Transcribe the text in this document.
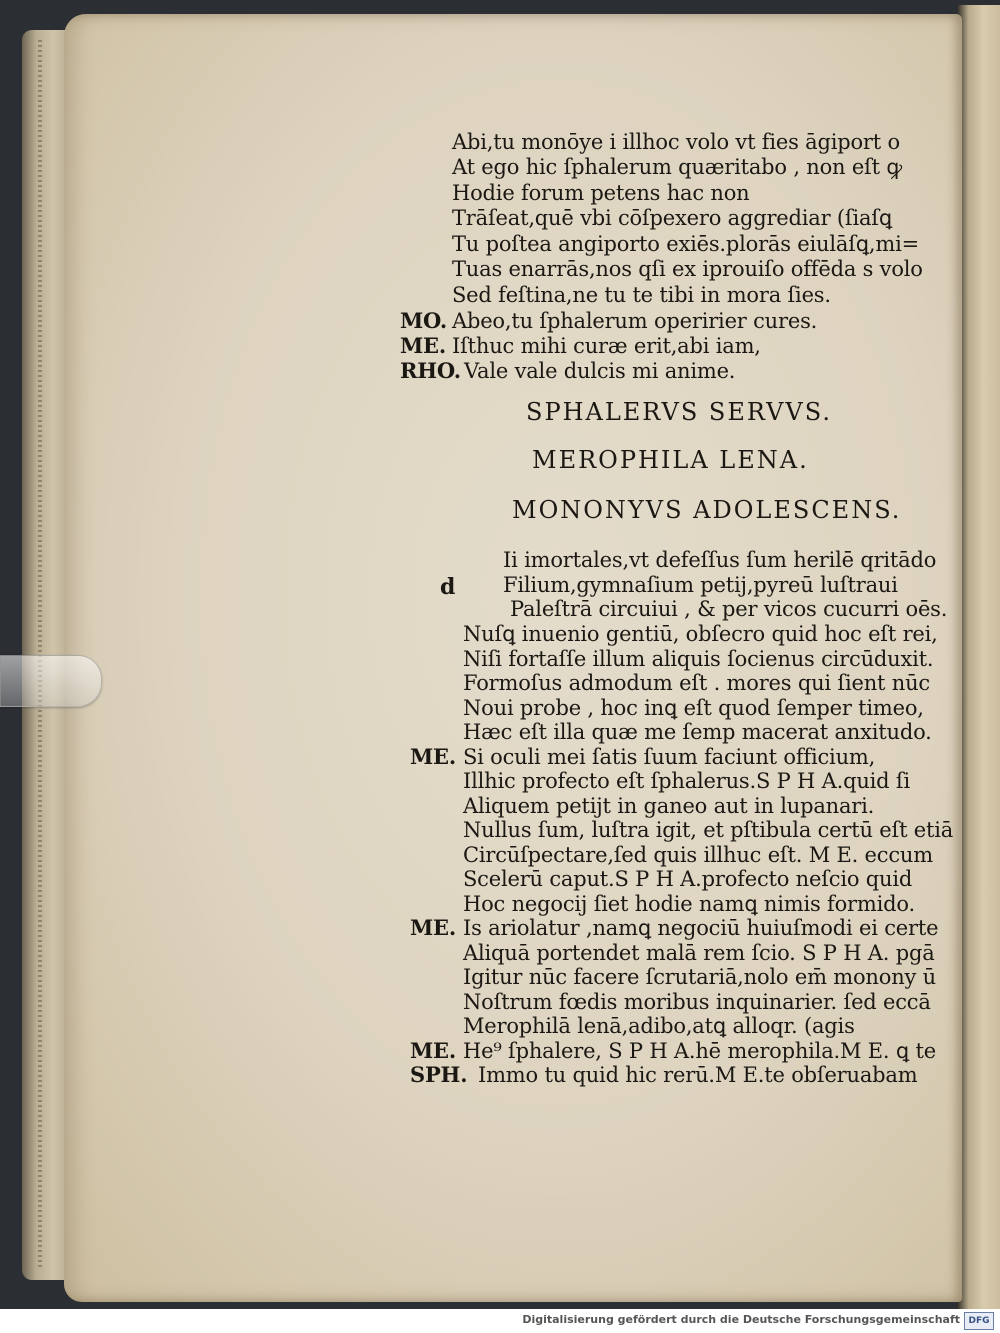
Abi,tu monōye i illhoc volo vt fies āgiport o
At ego hic ſphalerum quæritabo , non eſt ꝙ
Hodie forum petens hac non
Trāſeat,quē vbi cōſpexero aggrediar (ſiaſꝗ
Tu poſtea angiporto exiēs.plorās eiulāſꝗ,mi=
Tuas enarrās,nos qſi ex iprouiſo offēda s volo
Sed feſtina,ne tu te tibi in mora ſies.
MO. Abeo,tu ſphalerum operirier cures.
ME. Iſthuc mihi curæ erit,abi iam,
RHO. Vale vale dulcis mi anime.
SPHALERVS SERVVS.
MEROPHILA LENA.
MONONYVS ADOLESCENS.
d
Ii imortales,vt defeſſus ſum herilē qritādo
Filium,gymnaſium petij,pyreū luſtraui
Paleſtrā circuiui , & per vicos cucurri oēs.
Nuſꝗ inuenio gentiū, obſecro quid hoc eſt rei,
Niſi fortaſſe illum aliquis ſocienus circūduxit.
Formoſus admodum eſt . mores qui ſient nūc
Noui probe , hoc inꝗ eſt quod ſemper timeo,
Hæc eſt illa quæ me ſemp macerat anxitudo.
ME. Si oculi mei ſatis ſuum faciunt officium,
Illhic profecto eſt ſphalerus.S P H A.quid ſi
Aliquem petijt in ganeo aut in lupanari.
Nullus ſum, luſtra igit, et pſtibula certū eſt etiā
Circūſpectare,ſed quis illhuc eſt. M E. eccum
Scelerū caput.S P H A.profecto neſcio quid
Hoc negocij ſiet hodie namꝗ nimis formido.
ME. Is ariolatur ,namꝗ negociū huiuſmodi ei certe
Aliquā portendet malā rem ſcio. S P H A. pgā
Igitur nūc facere ſcrutariā,nolo em̄ monony ū
Noſtrum fœdis moribus inquinarier. ſed eccā
Merophilā lenā,adibo,atꝗ alloqr. (agis
ME. He⁹ ſphalere, S P H A.hē merophila.M E. ꝗ te
SPH. Immo tu quid hic rerū.M E.te obſeruabam
Digitalisierung gefördert durch die Deutsche Forschungsgemeinschaft DFG
